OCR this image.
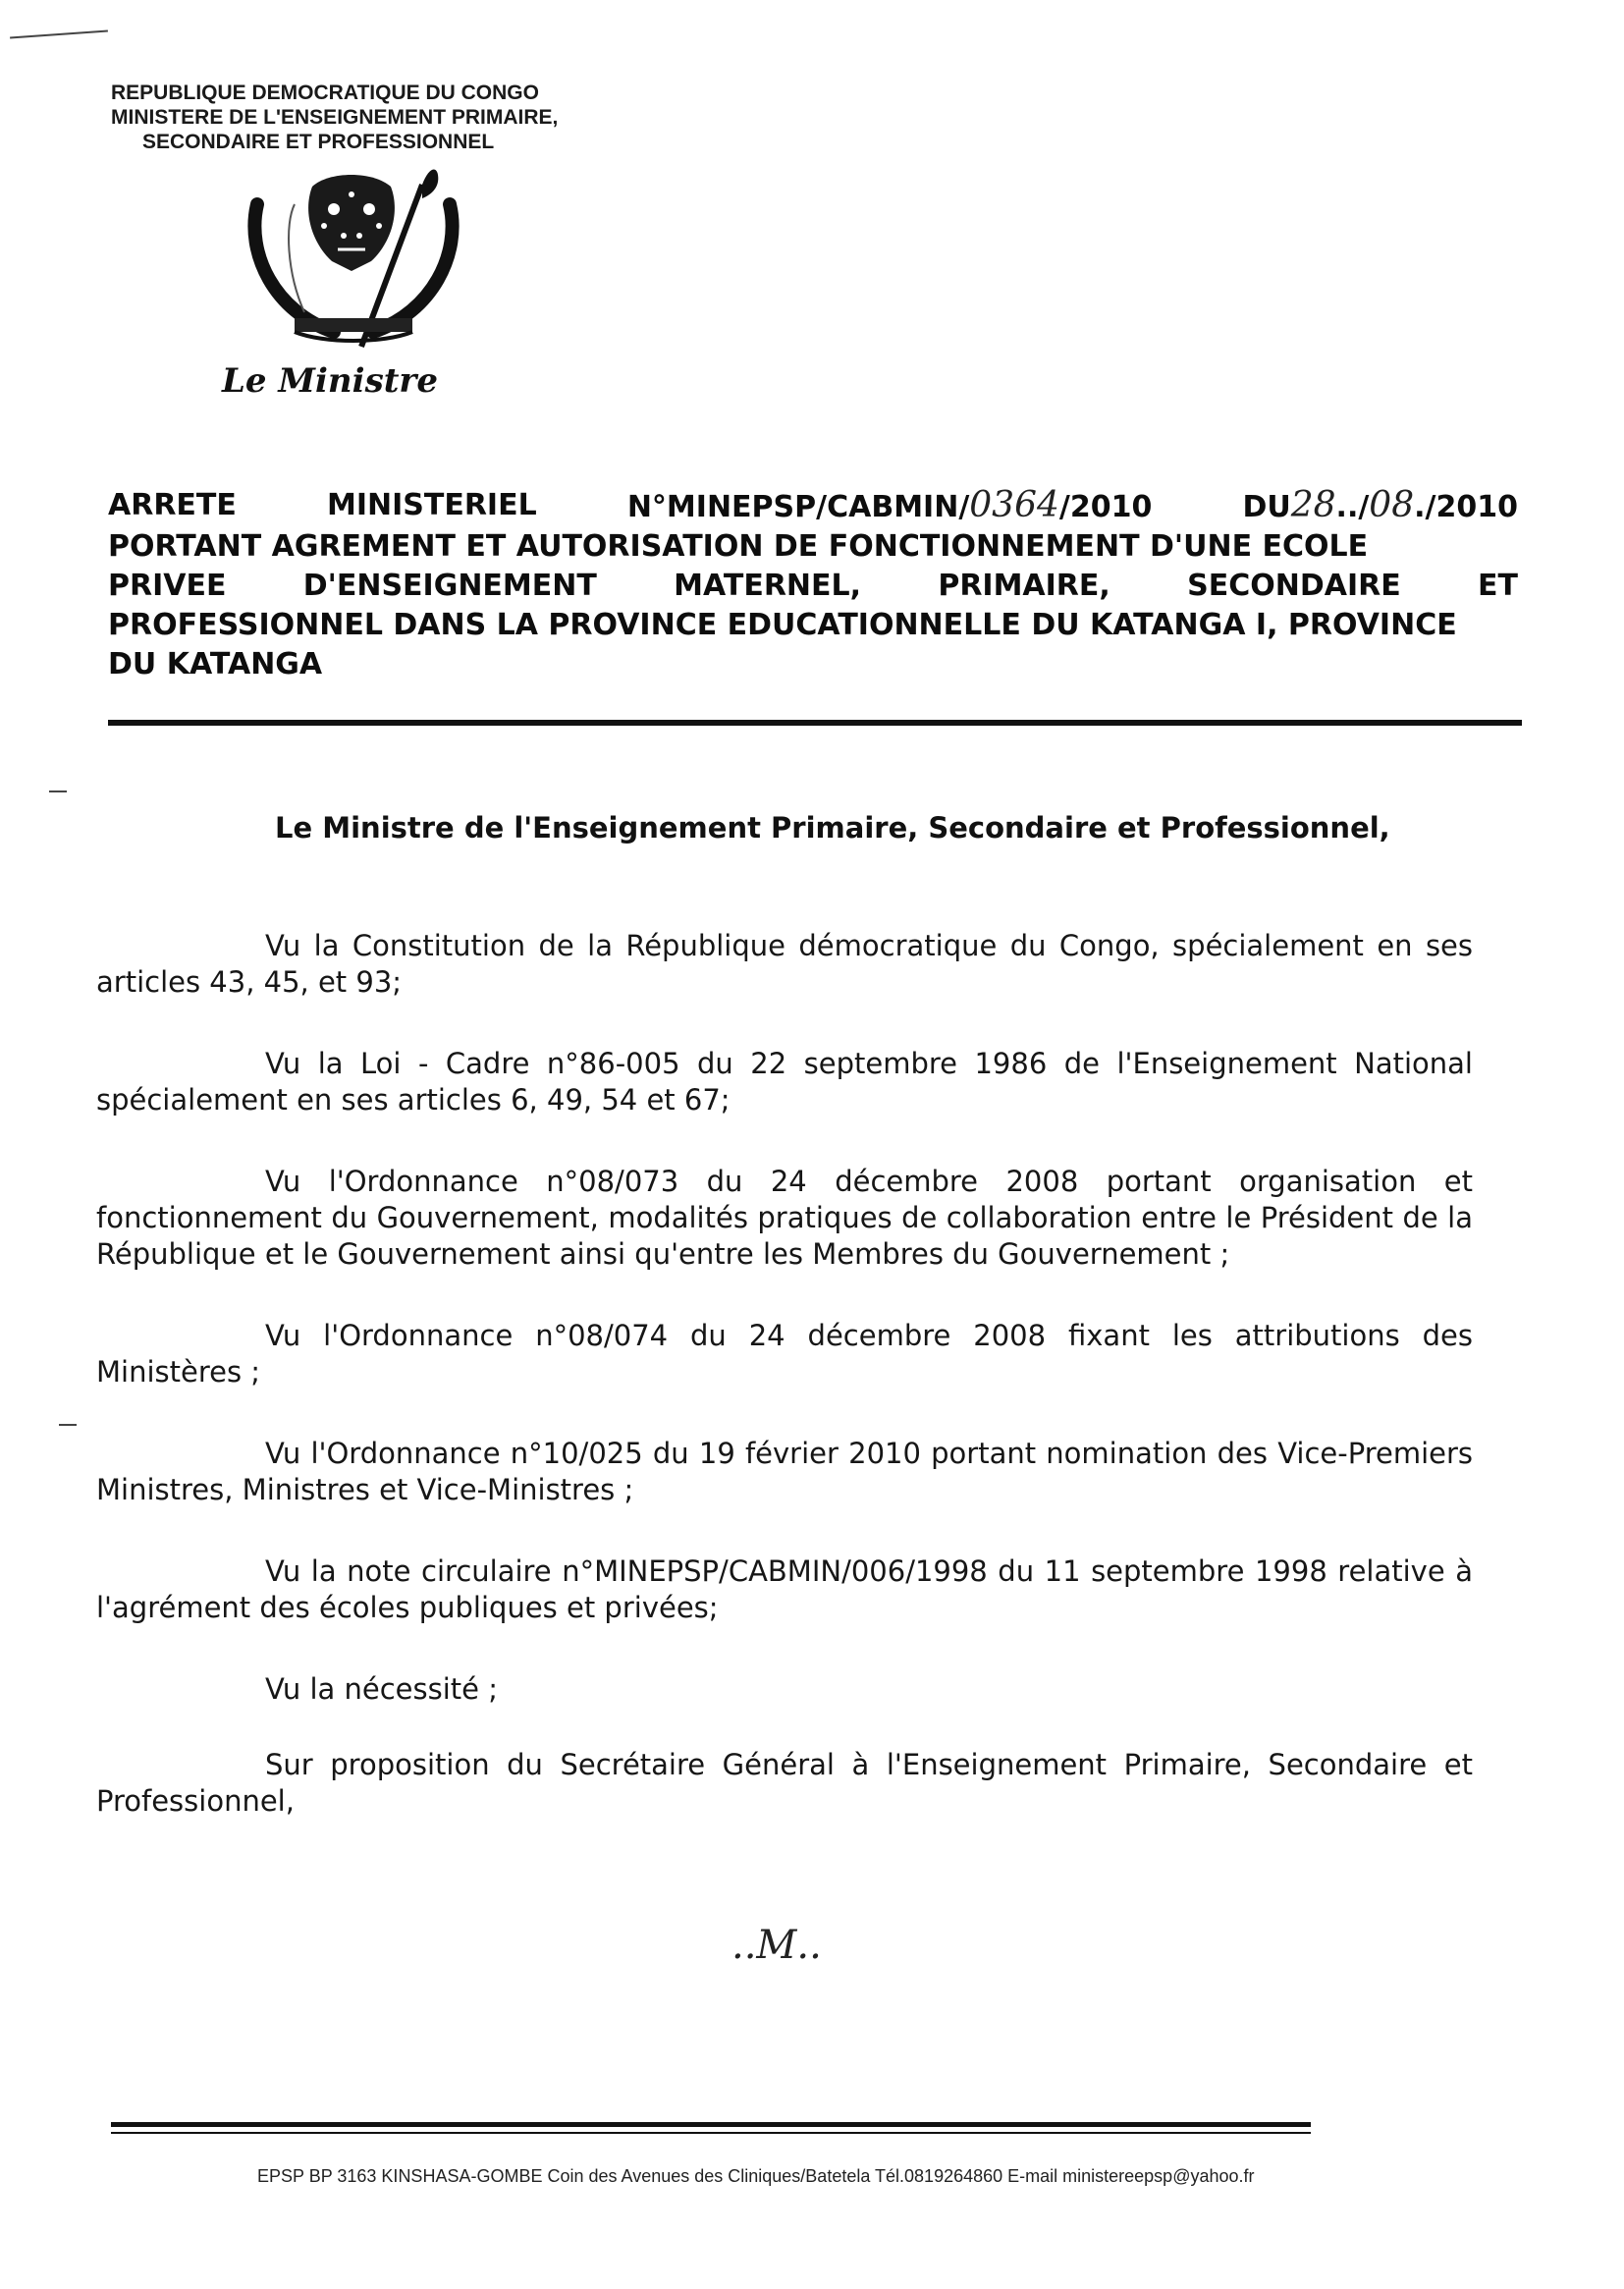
REPUBLIQUE DEMOCRATIQUE DU CONGO
MINISTERE DE L'ENSEIGNEMENT PRIMAIRE,
SECONDAIRE ET PROFESSIONNEL
Le Ministre
ARRETE	MINISTERIEL	N°MINEPSP/CABMIN/0364/2010	DU28../08./2010
PORTANT AGREMENT ET AUTORISATION DE FONCTIONNEMENT D'UNE ECOLE
PRIVEE	D'ENSEIGNEMENT	MATERNEL,	PRIMAIRE,	SECONDAIRE	ET
PROFESSIONNEL DANS LA PROVINCE EDUCATIONNELLE DU KATANGA I, PROVINCE
DU KATANGA
Le Ministre de l'Enseignement Primaire, Secondaire et Professionnel,

Vu la Constitution de la République démocratique du Congo, spécialement en ses articles 43, 45, et 93;

Vu la Loi - Cadre n°86-005 du 22 septembre 1986 de l'Enseignement National spécialement en ses articles 6, 49, 54 et 67;

Vu l'Ordonnance n°08/073 du 24 décembre 2008 portant organisation et fonctionnement du Gouvernement, modalités pratiques de collaboration entre le Président de la République et le Gouvernement ainsi qu'entre les Membres du Gouvernement ;

Vu l'Ordonnance n°08/074 du 24 décembre 2008 fixant les attributions des Ministères ;

Vu l'Ordonnance n°10/025 du 19 février 2010 portant nomination des Vice-Premiers Ministres, Ministres et Vice-Ministres ;

Vu la note circulaire n°MINEPSP/CABMIN/006/1998 du 11 septembre 1998 relative à l'agrément des écoles publiques et privées;

Vu la nécessité ;

Sur proposition du Secrétaire Général à l'Enseignement Primaire, Secondaire et Professionnel,

..M..
EPSP BP 3163 KINSHASA-GOMBE Coin des Avenues des Cliniques/Batetela Tél.0819264860 E-mail ministereepsp@yahoo.fr
